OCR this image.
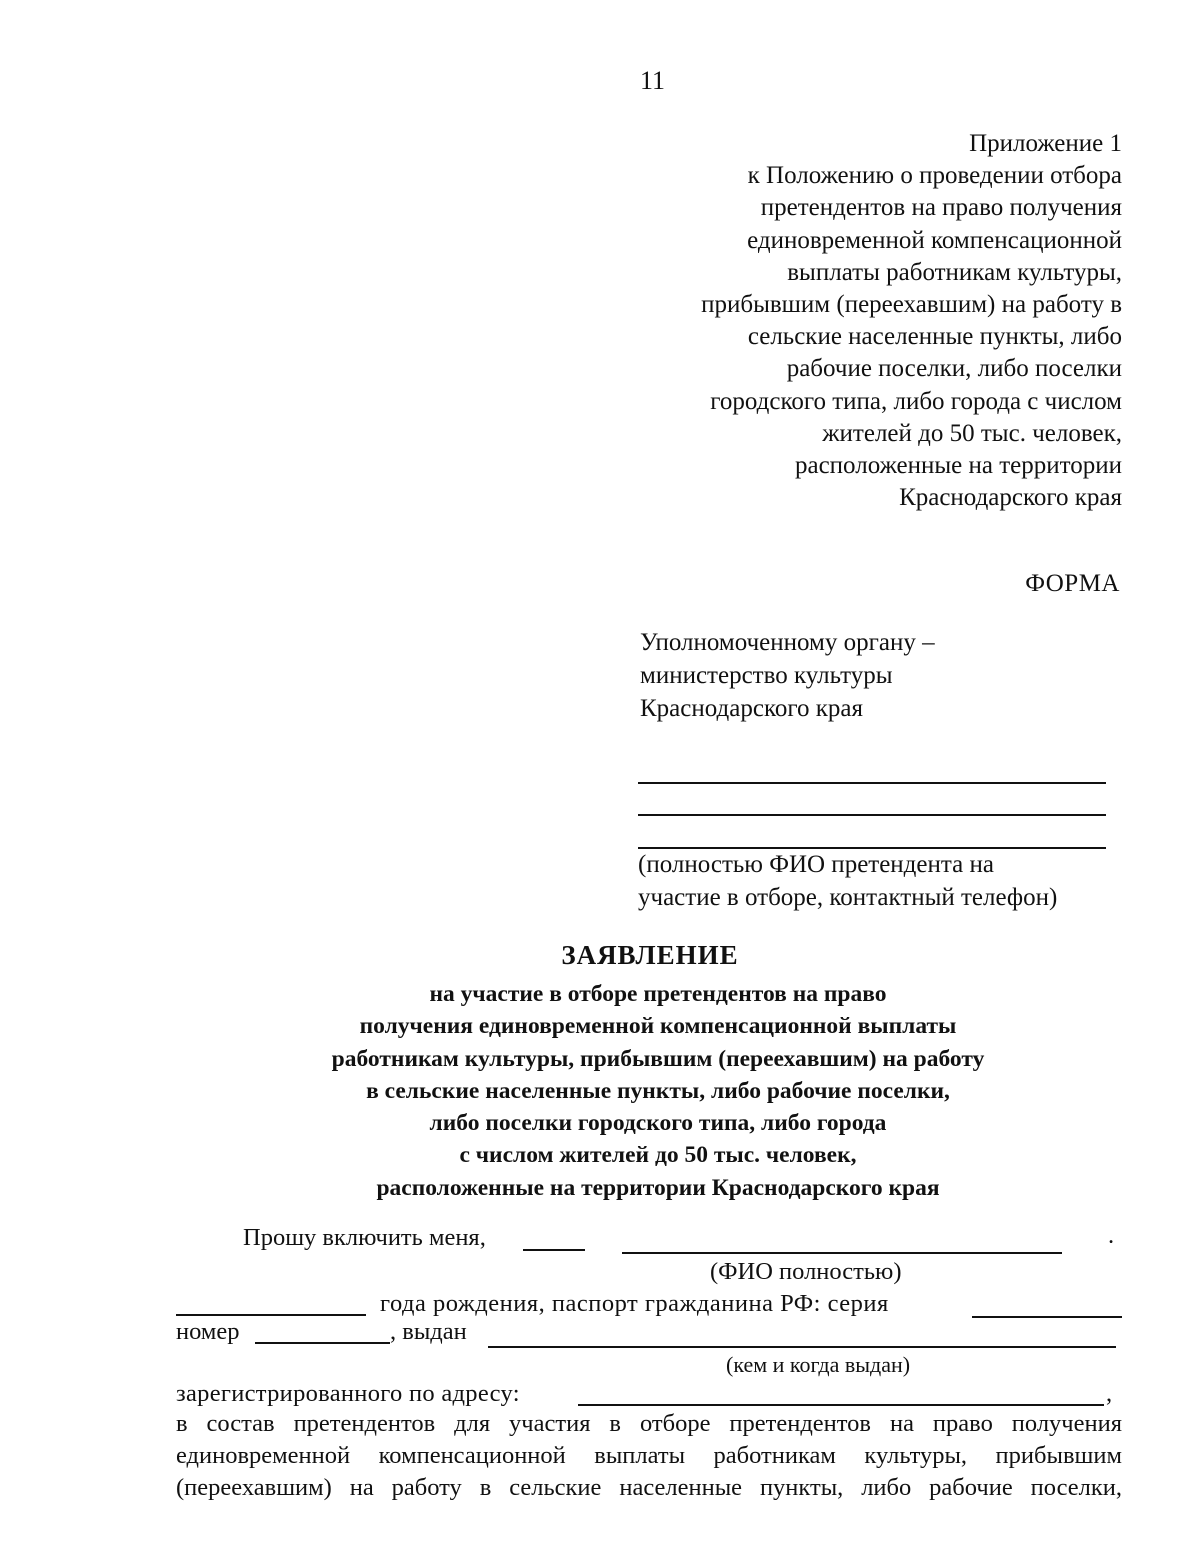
11
Приложение 1
к Положению о проведении отбора
претендентов на право получения
единовременной компенсационной
выплаты работникам культуры,
прибывшим (переехавшим) на работу в
сельские населенные пункты, либо
рабочие поселки, либо поселки
городского типа, либо города с числом
жителей до 50 тыс. человек,
расположенные на территории
Краснодарского края
ФОРМА
Уполномоченному органу –
министерство культуры
Краснодарского края
(полностью ФИО претендента на
участие в отборе, контактный телефон)
ЗАЯВЛЕНИЕ
на участие в отборе претендентов на право
получения единовременной компенсационной выплаты
работникам культуры, прибывшим (переехавшим) на работу
в сельские населенные пункты, либо рабочие поселки,
либо поселки городского типа, либо города
с числом жителей до 50 тыс. человек,
расположенные на территории Краснодарского края
Прошу включить меня,	.
(ФИО полностью)
года рождения, паспорт гражданина РФ: серия
номер	, выдан
(кем и когда выдан)
зарегистрированного по адресу:	,
в состав претендентов для участия в отборе претендентов на право получения
единовременной компенсационной выплаты работникам культуры, прибывшим
(переехавшим) на работу в сельские населенные пункты, либо рабочие поселки,
